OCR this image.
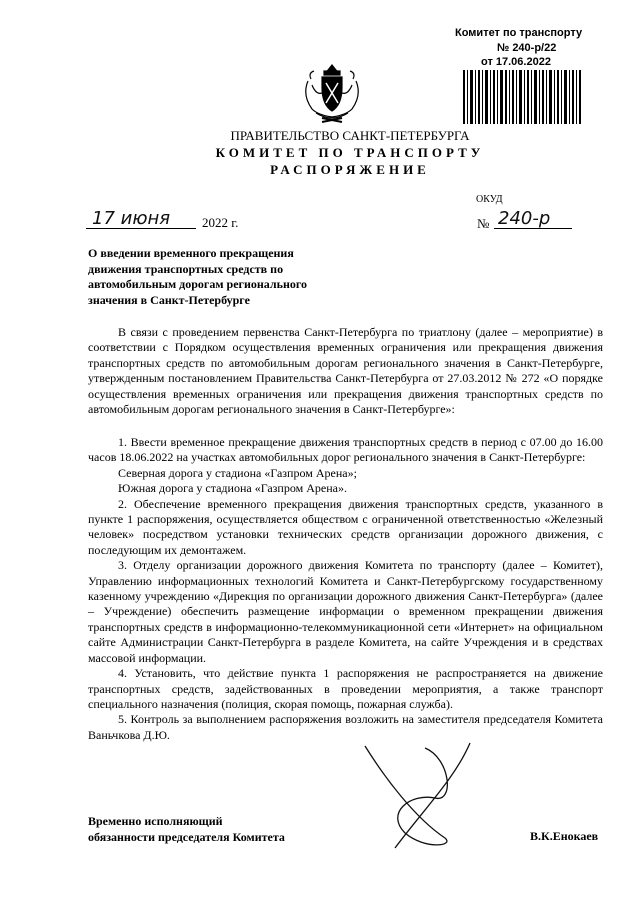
Комитет по транспорту
№ 240-р/22
от 17.06.2022
ПРАВИТЕЛЬСТВО САНКТ-ПЕТЕРБУРГА
КОМИТЕТ ПО ТРАНСПОРТУ
РАСПОРЯЖЕНИЕ
ОКУД
17 июня 2022 г.	№ 240-р
О введении временного прекращения движения транспортных средств по автомобильным дорогам регионального значения в Санкт-Петербурге

В связи с проведением первенства Санкт-Петербурга по триатлону (далее – мероприятие) в соответствии с Порядком осуществления временных ограничения или прекращения движения транспортных средств по автомобильным дорогам регионального значения в Санкт-Петербурге, утвержденным постановлением Правительства Санкт-Петербурга от 27.03.2012 № 272 «О порядке осуществления временных ограничения или прекращения движения транспортных средств по автомобильным дорогам регионального значения в Санкт-Петербурге»:

1. Ввести временное прекращение движения транспортных средств в период с 07.00 до 16.00 часов 18.06.2022 на участках автомобильных дорог регионального значения в Санкт-Петербурге:

Северная дорога у стадиона «Газпром Арена»;

Южная дорога у стадиона «Газпром Арена».

2. Обеспечение временного прекращения движения транспортных средств, указанного в пункте 1 распоряжения, осуществляется обществом с ограниченной ответственностью «Железный человек» посредством установки технических средств организации дорожного движения, с последующим их демонтажем.

3. Отделу организации дорожного движения Комитета по транспорту (далее – Комитет), Управлению информационных технологий Комитета и Санкт-Петербургскому государственному казенному учреждению «Дирекция по организации дорожного движения Санкт-Петербурга» (далее – Учреждение) обеспечить размещение информации о временном прекращении движения транспортных средств в информационно-телекоммуникационной сети «Интернет» на официальном сайте Администрации Санкт-Петербурга в разделе Комитета, на сайте Учреждения и в средствах массовой информации.

4. Установить, что действие пункта 1 распоряжения не распространяется на движение транспортных средств, задействованных в проведении мероприятия, а также транспорт специального назначения (полиция, скорая помощь, пожарная служба).

5. Контроль за выполнением распоряжения возложить на заместителя председателя Комитета Ваньчкова Д.Ю.

Временно исполняющий
обязанности председателя Комитета	В.К.Енокаев
